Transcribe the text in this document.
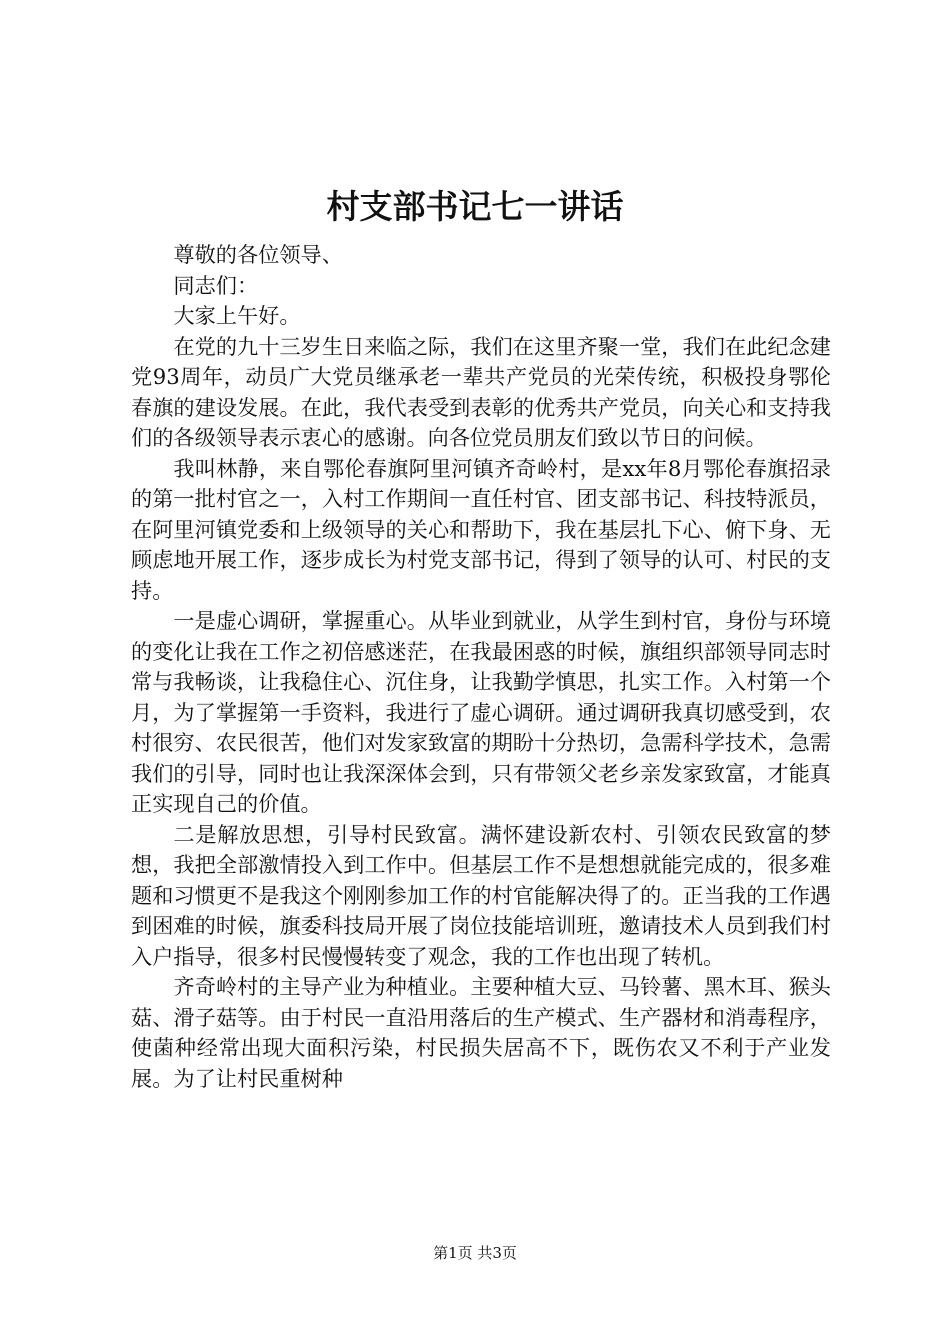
村支部书记七一讲话

尊敬的各位领导、

同志们：

大家上午好。

在党的九十三岁生日来临之际，我们在这里齐聚一堂，我们在此纪念建党93周年，动员广大党员继承老一辈共产党员的光荣传统，积极投身鄂伦春旗的建设发展。在此，我代表受到表彰的优秀共产党员，向关心和支持我们的各级领导表示衷心的感谢。向各位党员朋友们致以节日的问候。

我叫林静，来自鄂伦春旗阿里河镇齐奇岭村，是xx年8月鄂伦春旗招录的第一批村官之一，入村工作期间一直任村官、团支部书记、科技特派员，在阿里河镇党委和上级领导的关心和帮助下，我在基层扎下心、俯下身、无顾虑地开展工作，逐步成长为村党支部书记，得到了领导的认可、村民的支持。

一是虚心调研，掌握重心。从毕业到就业，从学生到村官，身份与环境的变化让我在工作之初倍感迷茫，在我最困惑的时候，旗组织部领导同志时常与我畅谈，让我稳住心、沉住身，让我勤学慎思，扎实工作。入村第一个月，为了掌握第一手资料，我进行了虚心调研。通过调研我真切感受到，农村很穷、农民很苦，他们对发家致富的期盼十分热切，急需科学技术，急需我们的引导，同时也让我深深体会到，只有带领父老乡亲发家致富，才能真正实现自己的价值。

二是解放思想，引导村民致富。满怀建设新农村、引领农民致富的梦想，我把全部激情投入到工作中。但基层工作不是想想就能完成的，很多难题和习惯更不是我这个刚刚参加工作的村官能解决得了的。正当我的工作遇到困难的时候，旗委科技局开展了岗位技能培训班，邀请技术人员到我们村入户指导，很多村民慢慢转变了观念，我的工作也出现了转机。

齐奇岭村的主导产业为种植业。主要种植大豆、马铃薯、黑木耳、猴头菇、滑子菇等。由于村民一直沿用落后的生产模式、生产器材和消毒程序，使菌种经常出现大面积污染，村民损失居高不下，既伤农又不利于产业发展。为了让村民重树种

第1页 共3页
